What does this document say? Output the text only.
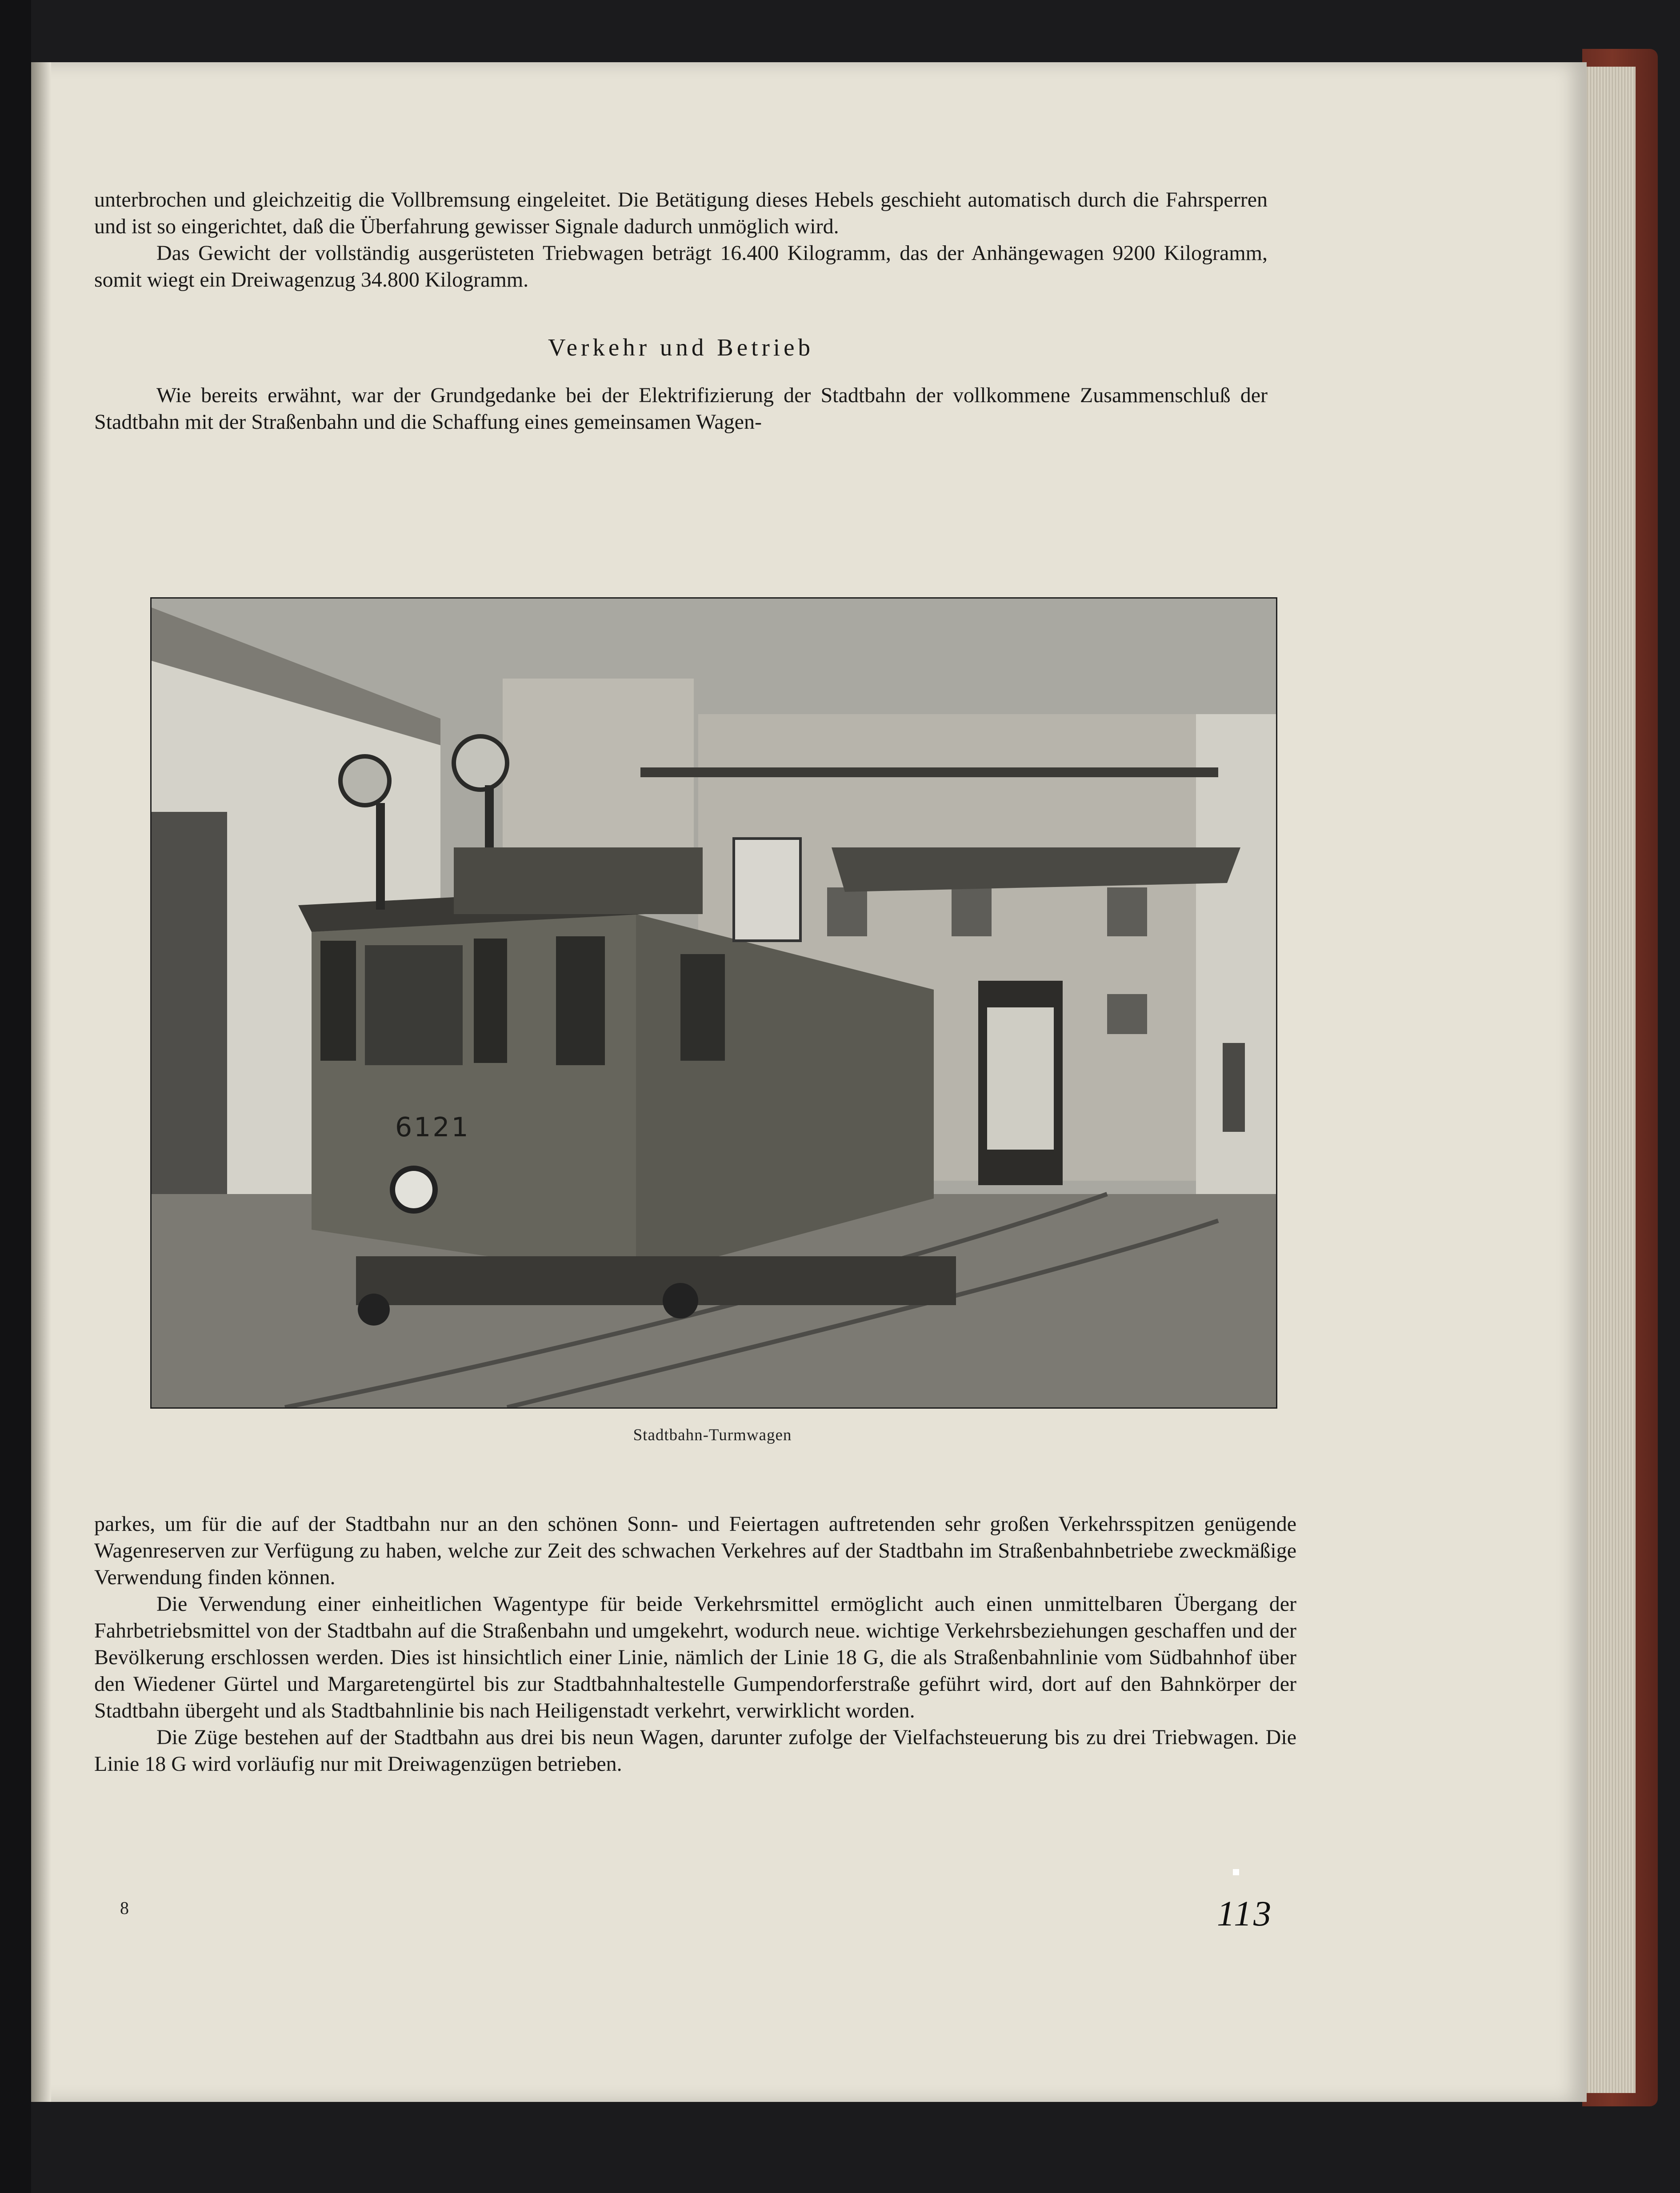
unterbrochen und gleichzeitig die Vollbremsung eingeleitet. Die Betätigung dieses Hebels geschieht automatisch durch die Fahrsperren und ist so eingerichtet, daß die Überfahrung gewisser Signale dadurch unmöglich wird.

Das Gewicht der vollständig ausgerüsteten Triebwagen beträgt 16.400 Kilogramm, das der Anhängewagen 9200 Kilogramm, somit wiegt ein Dreiwagenzug 34.800 Kilogramm.

Verkehr und Betrieb

Wie bereits erwähnt, war der Grundgedanke bei der Elektrifizierung der Stadtbahn der vollkommene Zusammenschluß der Stadtbahn mit der Straßenbahn und die Schaffung eines gemeinsamen Wagen-

6121
Stadtbahn-Turmwagen

parkes, um für die auf der Stadtbahn nur an den schönen Sonn- und Feiertagen auftretenden sehr großen Verkehrsspitzen genügende Wagenreserven zur Verfügung zu haben, welche zur Zeit des schwachen Verkehres auf der Stadtbahn im Straßenbahnbetriebe zweckmäßige Verwendung finden können.

Die Verwendung einer einheitlichen Wagentype für beide Verkehrsmittel ermöglicht auch einen unmittelbaren Übergang der Fahrbetriebsmittel von der Stadtbahn auf die Straßenbahn und umgekehrt, wodurch neue. wichtige Verkehrsbeziehungen geschaffen und der Bevölkerung erschlossen werden. Dies ist hinsichtlich einer Linie, nämlich der Linie 18 G, die als Straßenbahnlinie vom Südbahnhof über den Wiedener Gürtel und Margaretengürtel bis zur Stadtbahnhaltestelle Gumpendorferstraße geführt wird, dort auf den Bahnkörper der Stadtbahn übergeht und als Stadtbahnlinie bis nach Heiligenstadt verkehrt, verwirklicht worden.

Die Züge bestehen auf der Stadtbahn aus drei bis neun Wagen, darunter zufolge der Vielfachsteuerung bis zu drei Triebwagen. Die Linie 18 G wird vorläufig nur mit Dreiwagenzügen betrieben.

8	113
